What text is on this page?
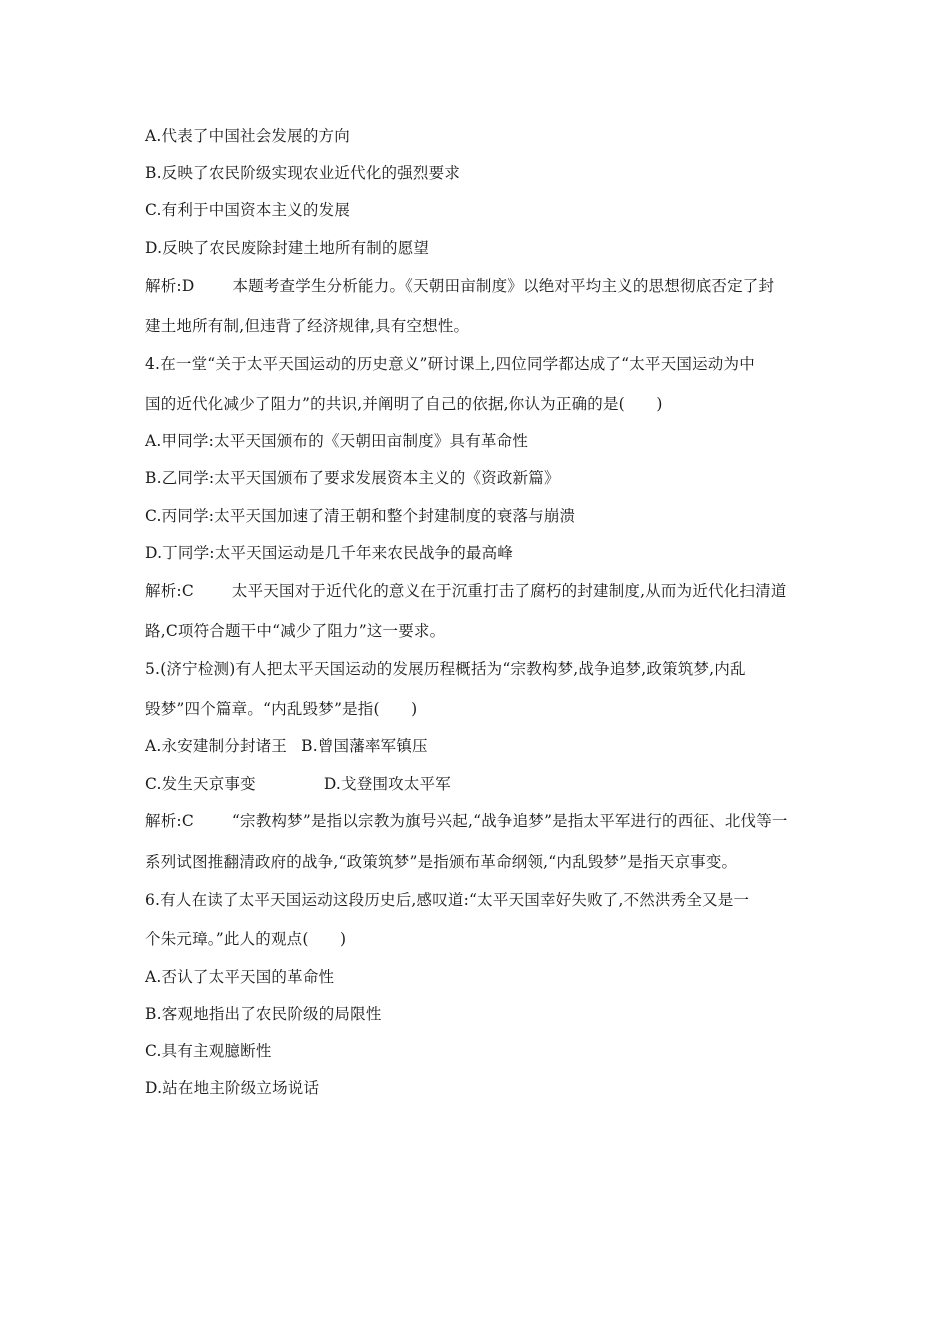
A.代表了中国社会发展的方向
B.反映了农民阶级实现农业近代化的强烈要求
C.有利于中国资本主义的发展
D.反映了农民废除封建土地所有制的愿望
解析:D 本题考查学生分析能力。《天朝田亩制度》以绝对平均主义的思想彻底否定了封
建土地所有制,但违背了经济规律,具有空想性。
4.在一堂“关于太平天国运动的历史意义”研讨课上,四位同学都达成了“太平天国运动为中
国的近代化减少了阻力”的共识,并阐明了自己的依据,你认为正确的是(　　)
A.甲同学:太平天国颁布的《天朝田亩制度》具有革命性
B.乙同学:太平天国颁布了要求发展资本主义的《资政新篇》
C.丙同学:太平天国加速了清王朝和整个封建制度的衰落与崩溃
D.丁同学:太平天国运动是几千年来农民战争的最高峰
解析:C 太平天国对于近代化的意义在于沉重打击了腐朽的封建制度,从而为近代化扫清道
路,C项符合题干中“减少了阻力”这一要求。
5.(济宁检测)有人把太平天国运动的发展历程概括为“宗教构梦,战争追梦,政策筑梦,内乱
毁梦”四个篇章。“内乱毁梦”是指(　　)
A.永安建制分封诸王 B.曾国藩率军镇压
C.发生天京事变	D.戈登围攻太平军
解析:C “宗教构梦”是指以宗教为旗号兴起,“战争追梦”是指太平军进行的西征、北伐等一
系列试图推翻清政府的战争,“政策筑梦”是指颁布革命纲领,“内乱毁梦”是指天京事变。
6.有人在读了太平天国运动这段历史后,感叹道:“太平天国幸好失败了,不然洪秀全又是一
个朱元璋。”此人的观点(　　)
A.否认了太平天国的革命性
B.客观地指出了农民阶级的局限性
C.具有主观臆断性
D.站在地主阶级立场说话
